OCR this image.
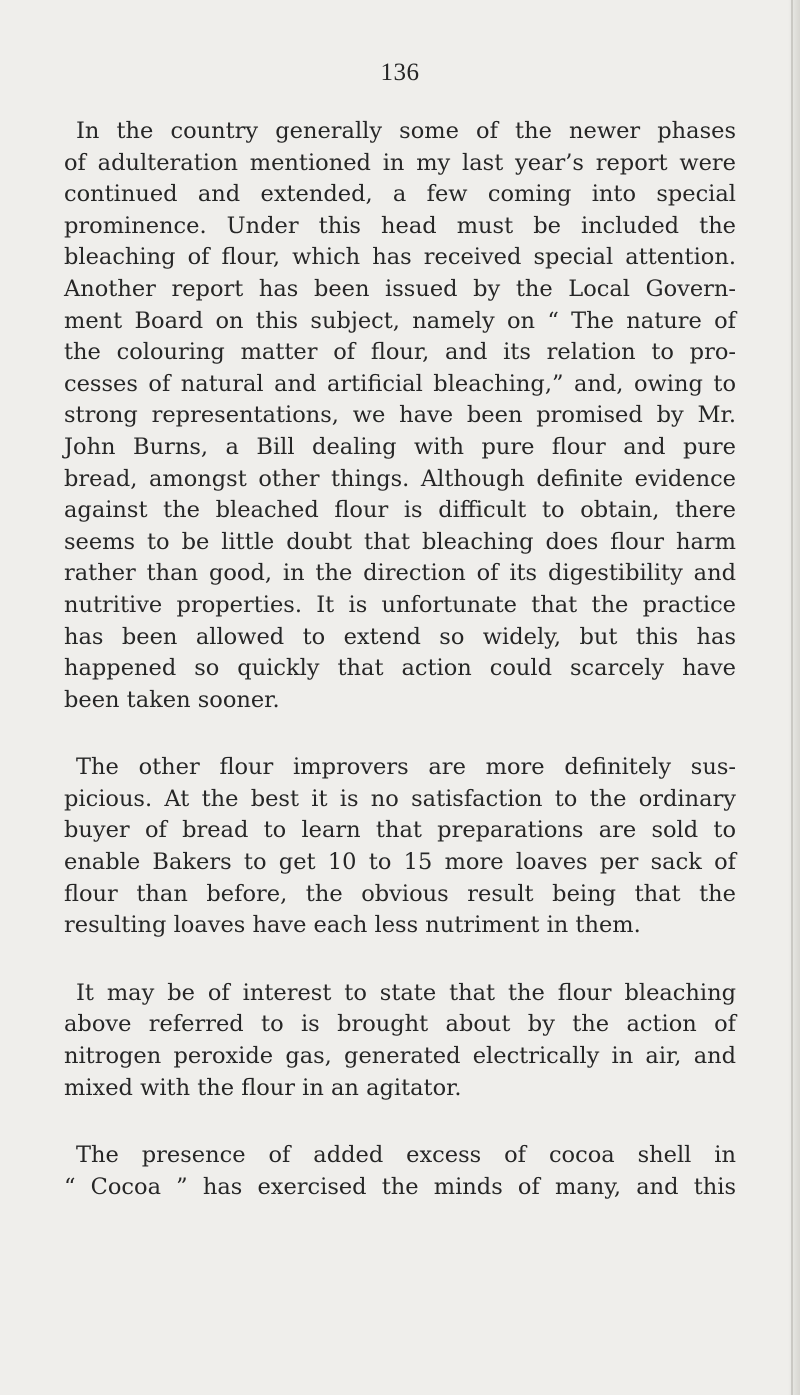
136
In the country generally some of the newer phases
of adulteration mentioned in my last year’s report were
continued and extended, a few coming into special
prominence. Under this head must be included the
bleaching of flour, which has received special attention.
Another report has been issued by the Local Govern-
ment Board on this subject, namely on “ The nature of
the colouring matter of flour, and its relation to pro-
cesses of natural and artificial bleaching,” and, owing to
strong representations, we have been promised by Mr.
John Burns, a Bill dealing with pure flour and pure
bread, amongst other things. Although definite evidence
against the bleached flour is difficult to obtain, there
seems to be little doubt that bleaching does flour harm
rather than good, in the direction of its digestibility and
nutritive properties. It is unfortunate that the practice
has been allowed to extend so widely, but this has
happened so quickly that action could scarcely have
been taken sooner.
The other flour improvers are more definitely sus-
picious. At the best it is no satisfaction to the ordinary
buyer of bread to learn that preparations are sold to
enable Bakers to get 10 to 15 more loaves per sack of
flour than before, the obvious result being that the
resulting loaves have each less nutriment in them.
It may be of interest to state that the flour bleaching
above referred to is brought about by the action of
nitrogen peroxide gas, generated electrically in air, and
mixed with the flour in an agitator.
The presence of added excess of cocoa shell in
“ Cocoa ” has exercised the minds of many, and this
